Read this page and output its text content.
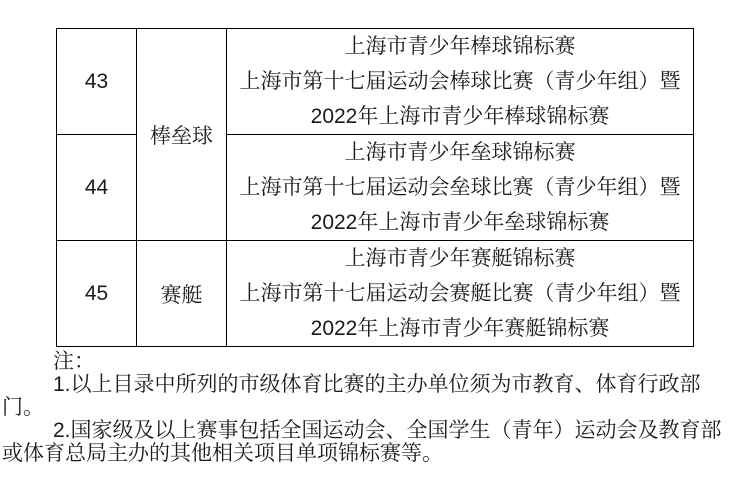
43	棒垒球	上海市青少年棒球锦标赛
上海市第十七届运动会棒球比赛（青少年组）暨
2022年上海市青少年棒球锦标赛

44		上海市青少年垒球锦标赛
上海市第十七届运动会垒球比赛（青少年组）暨
2022年上海市青少年垒球锦标赛

45	赛艇	上海市青少年赛艇锦标赛
上海市第十七届运动会赛艇比赛（青少年组）暨
2022年上海市青少年赛艇锦标赛
注：
1.以上目录中所列的市级体育比赛的主办单位须为市教育、体育行政部
门。
2.国家级及以上赛事包括全国运动会、全国学生（青年）运动会及教育部
或体育总局主办的其他相关项目单项锦标赛等。
